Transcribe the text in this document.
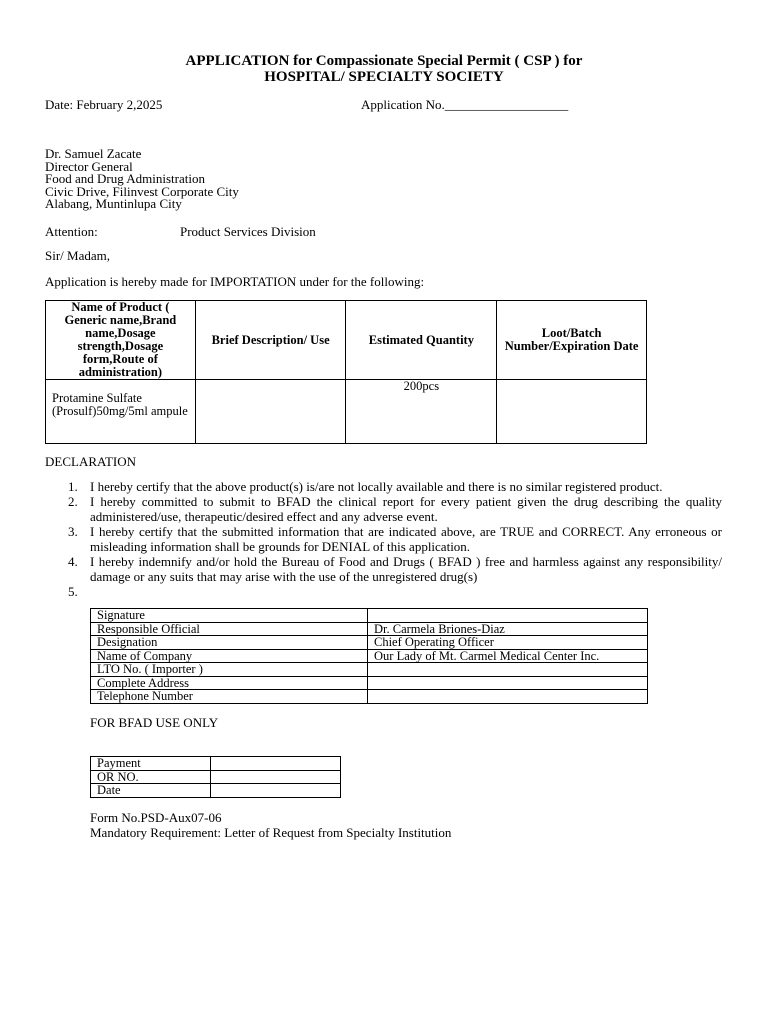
APPLICATION for Compassionate Special Permit ( CSP ) for
HOSPITAL/ SPECIALTY SOCIETY
Date: February 2,2025	Application No.___________________
Dr. Samuel Zacate
Director General
Food and Drug Administration
Civic Drive, Filinvest Corporate City
Alabang, Muntinlupa City
Attention:	Product Services Division
Sir/ Madam,
Application is hereby made for IMPORTATION under for the following:
Name of Product ( Generic name,Brand name,Dosage strength,Dosage form,Route of administration)	Brief Description/ Use	Estimated Quantity	Loot/Batch Number/Expiration Date
Protamine Sulfate (Prosulf)50mg/5ml ampule		200pcs	
DECLARATION
1. I hereby certify that the above product(s) is/are not locally available and there is no similar registered product.
2. I hereby committed to submit to BFAD the clinical report for every patient given the drug describing the quality administered/use, therapeutic/desired effect and any adverse event.
3. I hereby certify that the submitted information that are indicated above, are TRUE and CORRECT. Any erroneous or misleading information shall be grounds for DENIAL of this application.
4. I hereby indemnify and/or hold the Bureau of Food and Drugs ( BFAD ) free and harmless against any responsibility/ damage or any suits that may arise with the use of the unregistered drug(s)
5.
Signature	
Responsible Official	Dr. Carmela Briones-Diaz
Designation	Chief Operating Officer
Name of Company	Our Lady of Mt. Carmel Medical Center Inc.
LTO No. ( Importer )	
Complete Address	
Telephone Number	
FOR BFAD USE ONLY
Payment	
OR NO.	
Date	
Form No.PSD-Aux07-06
Mandatory Requirement: Letter of Request from Specialty Institution
